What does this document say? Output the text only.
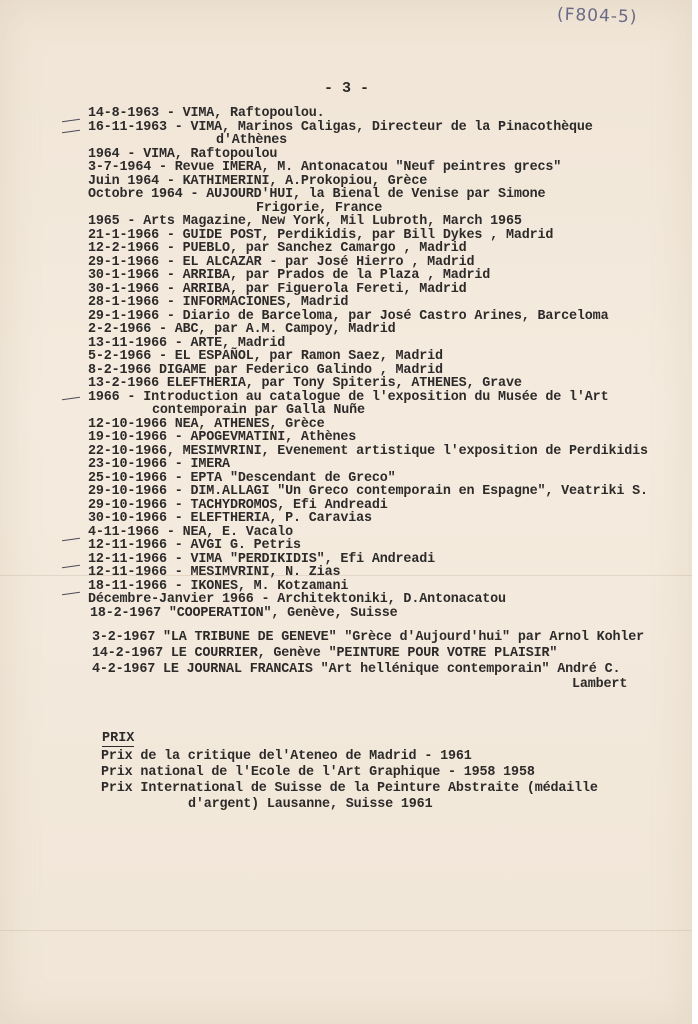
(F804-5)
- 3 -
14-8-1963 - VIMA, Raftopoulou.
16-11-1963 - VIMA, Marinos Caligas, Directeur de la Pinacothèque
d'Athènes
1964 - VIMA, Raftopoulou
3-7-1964 - Revue IMERA, M. Antonacatou "Neuf peintres grecs"
Juin 1964 - KATHIMERINI, A.Prokopiou, Grèce
Octobre 1964 - AUJOURD'HUI, la Bienal de Venise par Simone
Frigorie, France
1965 - Arts Magazine, New York, Mil Lubroth, March 1965
21-1-1966 - GUIDE POST, Perdikidis, par Bill Dykes , Madrid
12-2-1966 - PUEBLO, par Sanchez Camargo , Madrid
29-1-1966 - EL ALCAZAR - par José Hierro , Madrid
30-1-1966 - ARRIBA, par Prados de la Plaza , Madrid
30-1-1966 - ARRIBA, par Figuerola Fereti, Madrid
28-1-1966 - INFORMACIONES, Madrid
29-1-1966 - Diario de Barceloma, par José Castro Arines, Barceloma
2-2-1966 - ABC, par A.M. Campoy, Madrid
13-11-1966 - ARTE, Madrid
5-2-1966 - EL ESPAÑOL, par Ramon Saez, Madrid
8-2-1966 DIGAME par Federico Galindo , Madrid
13-2-1966 ELEFTHERIA, par Tony Spiteris, ATHENES, Grave
1966 - Introduction au catalogue de l'exposition du Musée de l'Art
contemporain par Galla Nuñe
12-10-1966 NEA, ATHENES, Grèce
19-10-1966 - APOGEVMATINI, Athènes
22-10-1966, MESIMVRINI, Evenement artistique l'exposition de Perdikidis
23-10-1966 - IMERA
25-10-1966 - EPTA "Descendant de Greco"
29-10-1966 - DIM.ALLAGI "Un Greco contemporain en Espagne", Veatriki S.
29-10-1966 - TACHYDROMOS, Efi Andreadi
30-10-1966 - ELEFTHERIA, P. Caravias
4-11-1966 - NEA, E. Vacalo
12-11-1966 - AVGI G. Petris
12-11-1966 - VIMA "PERDIKIDIS", Efi Andreadi
12-11-1966 - MESIMVRINI, N. Zias
18-11-1966 - IKONES, M. Kotzamani
Décembre-Janvier 1966 - Architektoniki, D.Antonacatou
18-2-1967 "COOPERATION", Genève, Suisse
3-2-1967 "LA TRIBUNE DE GENEVE" "Grèce d'Aujourd'hui" par Arnol Kohler
14-2-1967 LE COURRIER, Genève "PEINTURE POUR VOTRE PLAISIR"
4-2-1967 LE JOURNAL FRANCAIS "Art hellénique contemporain" André C.
Lambert
PRIX
Prix de la critique del'Ateneo de Madrid - 1961
Prix national de l'Ecole de l'Art Graphique - 1958 1958
Prix International de Suisse de la Peinture Abstraite (médaille
d'argent) Lausanne, Suisse 1961
